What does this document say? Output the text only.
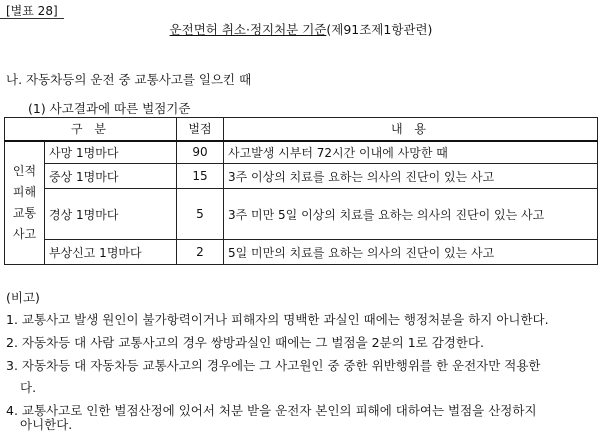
[별표 28]
운전면허 취소·정지처분 기준(제91조제1항관련)
나. 자동차등의 운전 중 교통사고를 일으킨 때
(1) 사고결과에 따른 벌점기준
구 분		벌점	내 용

인적
피해
교통
사고	사망 1명마다	90	사고발생 시부터 72시간 이내에 사망한 때
	중상 1명마다	15	3주 이상의 치료를 요하는 의사의 진단이 있는 사고
	경상 1명마다	5	3주 미만 5일 이상의 치료를 요하는 의사의 진단이 있는 사고
	부상신고 1명마다	2	5일 미만의 치료를 요하는 의사의 진단이 있는 사고
(비고)
1. 교통사고 발생 원인이 불가항력이거나 피해자의 명백한 과실인 때에는 행정처분을 하지 아니한다.
2. 자동차등 대 사람 교통사고의 경우 쌍방과실인 때에는 그 벌점을 2분의 1로 감경한다.
3. 자동차등 대 자동차등 교통사고의 경우에는 그 사고원인 중 중한 위반행위를 한 운전자만 적용한
다.
4. 교통사고로 인한 벌점산정에 있어서 처분 받을 운전자 본인의 피해에 대하여는 벌점을 산정하지
아니한다.
